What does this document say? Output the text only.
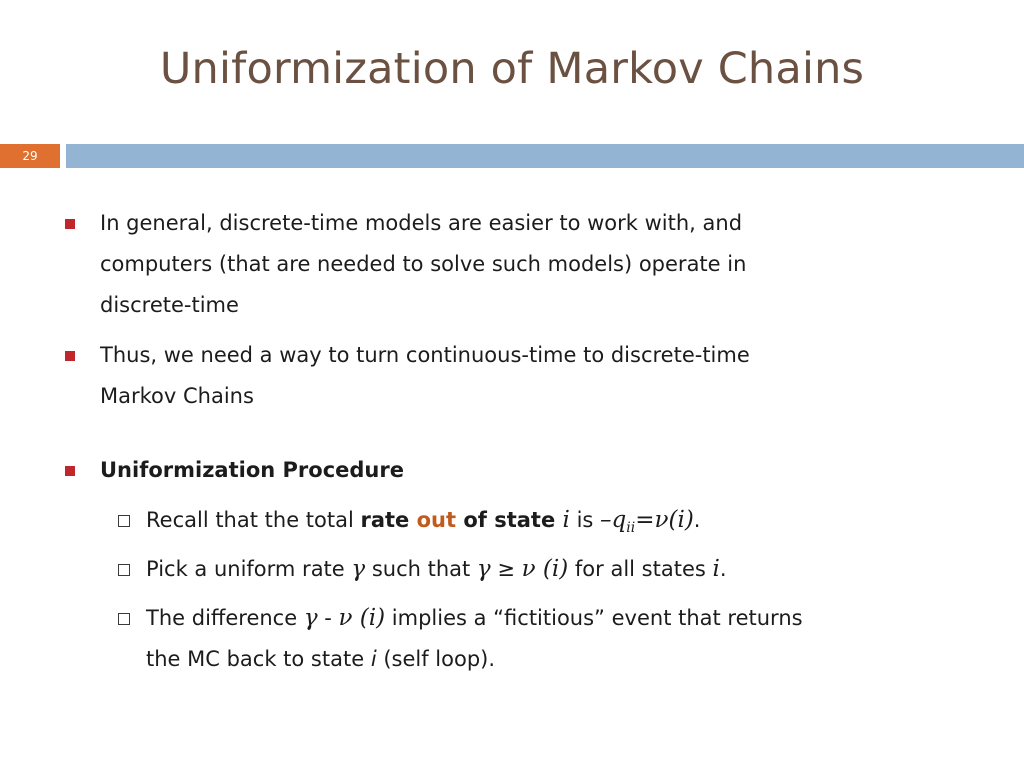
Uniformization of Markov Chains
29
In general, discrete-time models are easier to work with, and
computers (that are needed to solve such models) operate in
discrete-time
Thus, we need a way to turn continuous-time to discrete-time
Markov Chains
Uniformization Procedure
Recall that the total rate out of state i is $-q_{ii}=\nu(i)$.
Pick a uniform rate γ such that γ ≥ ν (i) for all states i.
The difference γ - ν (i) implies a “fictitious” event that returns
the MC back to state i (self loop).
